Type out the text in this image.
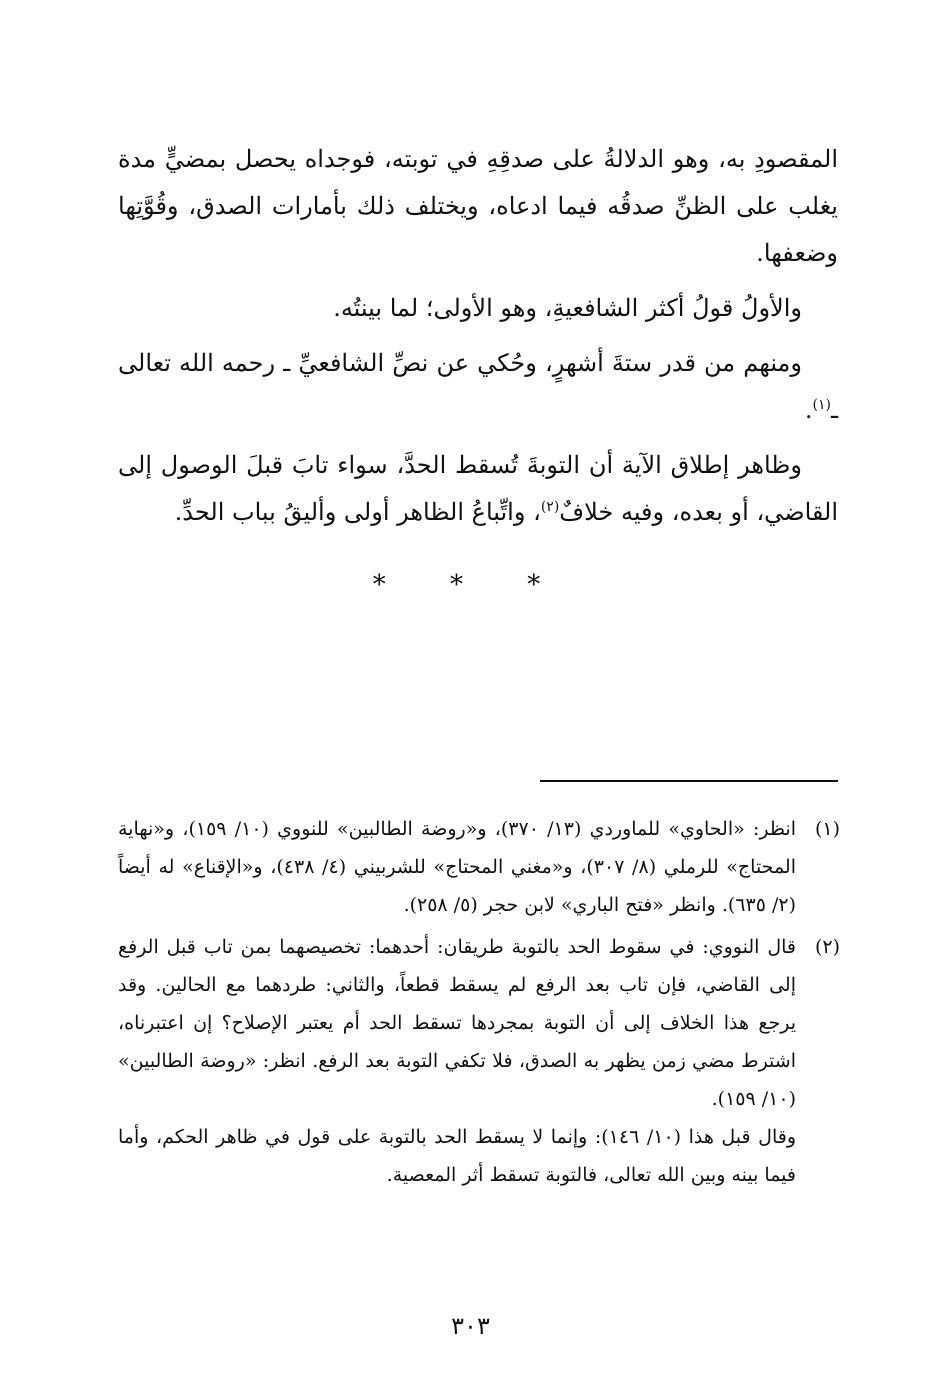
المقصودِ به، وهو الدلالةُ على صدقِهِ في توبته، فوجداه يحصل بمضيٍّ مدة يغلب على الظنِّ صدقُه فيما ادعاه، ويختلف ذلك بأمارات الصدق، وقُوَّتِها وضعفها.

والأولُ قولُ أكثر الشافعيةِ، وهو الأولى؛ لما بينتُه.

ومنهم من قدر ستةَ أشهرٍ، وحُكي عن نصِّ الشافعيِّ ـ رحمه الله تعالى ـ$^{(١)}$.

وظاهر إطلاق الآية أن التوبةَ تُسقط الحدَّ، سواء تابَ قبلَ الوصول إلى القاضي، أو بعده، وفيه خلافٌ$^{(٢)}$، واتِّباعُ الظاهر أولى وأليقُ بباب الحدِّ.

* * *
(١)

انظر: «الحاوي» للماوردي (١٣/ ٣٧٠)، و«روضة الطالبين» للنووي (١٠/ ١٥٩)، و«نهاية المحتاج» للرملي (٨/ ٣٠٧)، و«مغني المحتاج» للشربيني (٤/ ٤٣٨)، و«الإقناع» له أيضاً (٢/ ٦٣٥). وانظر «فتح الباري» لابن حجر (٥/ ٢٥٨).

(٢)

قال النووي: في سقوط الحد بالتوبة طريقان: أحدهما: تخصيصهما بمن تاب قبل الرفع إلى القاضي، فإن تاب بعد الرفع لم يسقط قطعاً، والثاني: طردهما مع الحالين. وقد يرجع هذا الخلاف إلى أن التوبة بمجردها تسقط الحد أم يعتبر الإصلاح؟ إن اعتبرناه، اشترط مضي زمن يظهر به الصدق، فلا تكفي التوبة بعد الرفع. انظر: «روضة الطالبين» (١٠/ ١٥٩).

وقال قبل هذا (١٠/ ١٤٦): وإنما لا يسقط الحد بالتوبة على قول في ظاهر الحكم، وأما فيما بينه وبين الله تعالى، فالتوبة تسقط أثر المعصية.

٣٠٣
